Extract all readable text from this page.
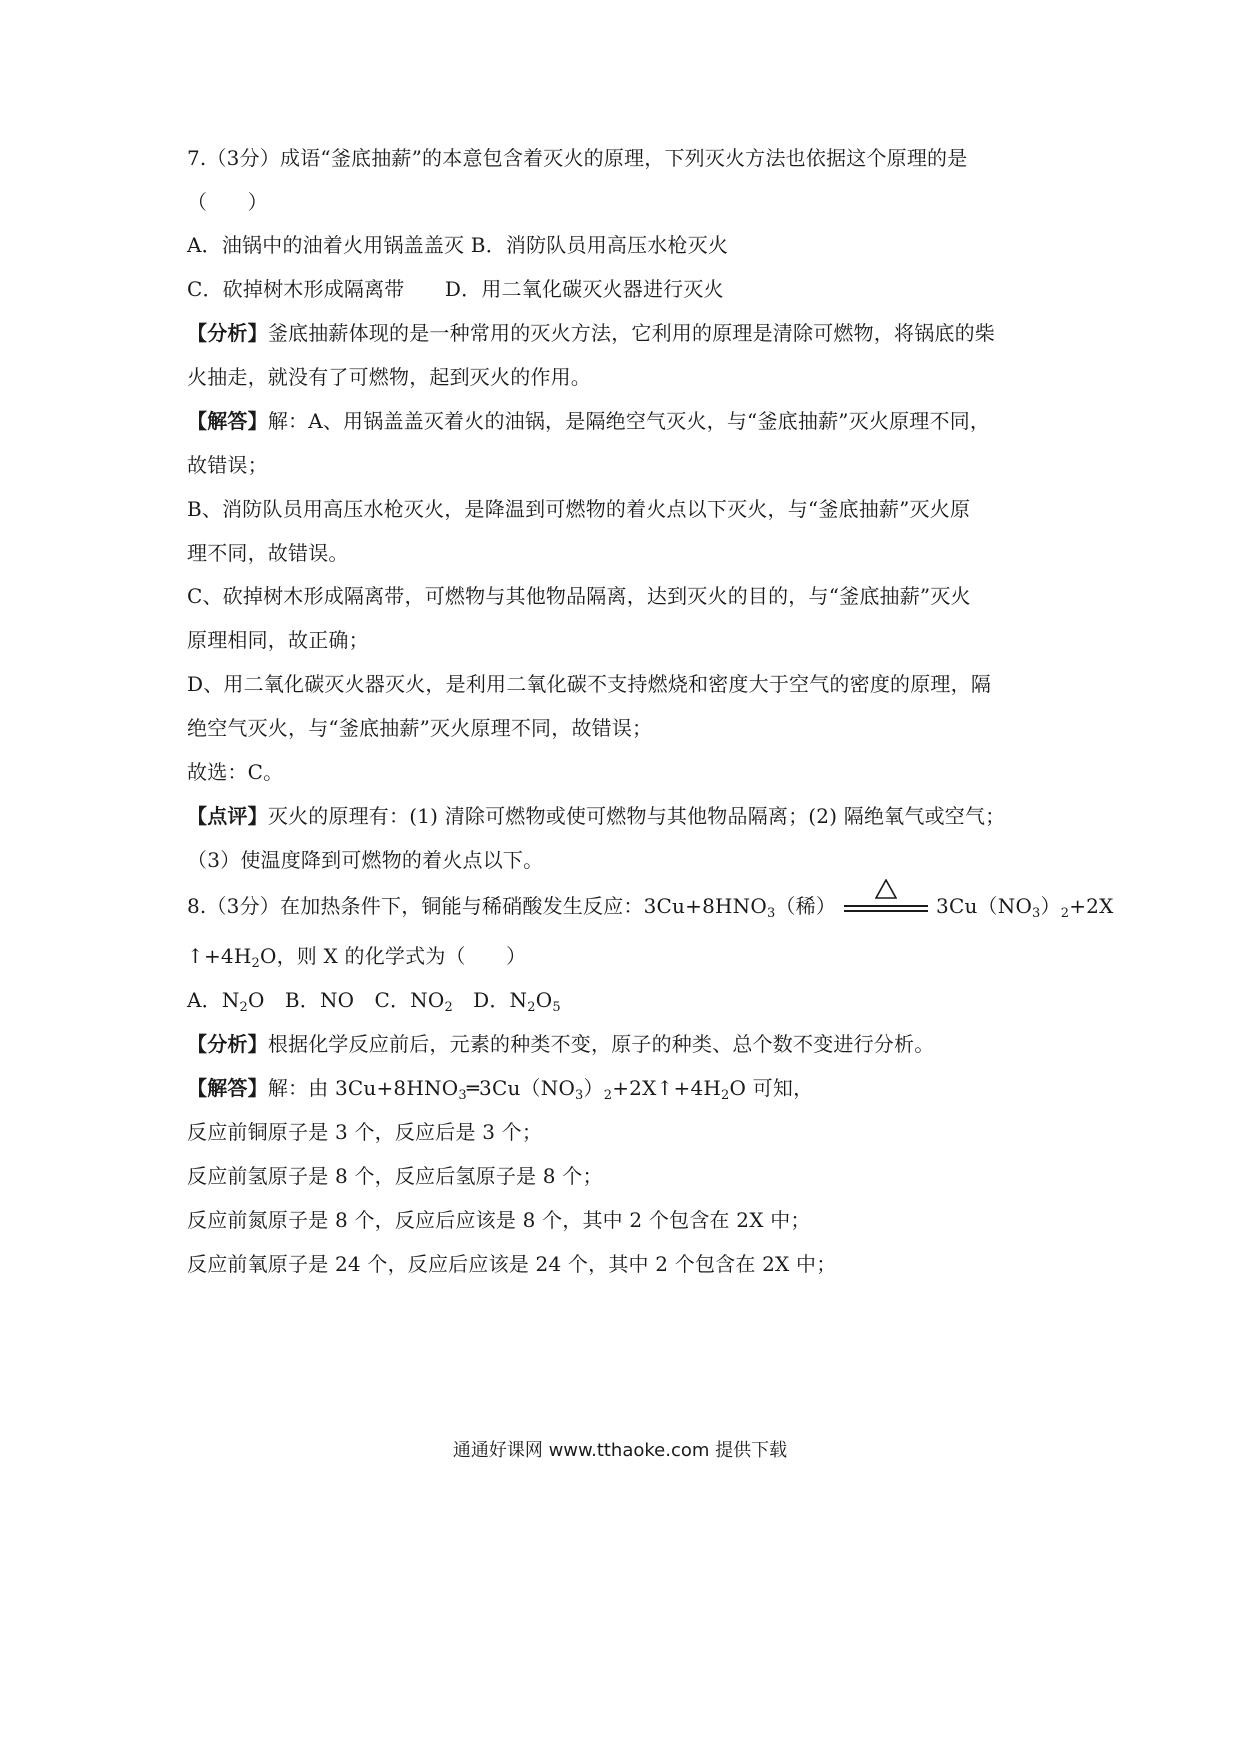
7.（3分）成语“釜底抽薪”的本意包含着灭火的原理，下列灭火方法也依据这个原理的是
（　　）
A．油锅中的油着火用锅盖盖灭 B．消防队员用高压水枪灭火
C．砍掉树木形成隔离带　　D．用二氧化碳灭火器进行灭火
【分析】釜底抽薪体现的是一种常用的灭火方法，它利用的原理是清除可燃物，将锅底的柴
火抽走，就没有了可燃物，起到灭火的作用。
【解答】解：A、用锅盖盖灭着火的油锅，是隔绝空气灭火，与“釜底抽薪”灭火原理不同，
故错误；
B、消防队员用高压水枪灭火，是降温到可燃物的着火点以下灭火，与“釜底抽薪”灭火原
理不同，故错误。
C、砍掉树木形成隔离带，可燃物与其他物品隔离，达到灭火的目的，与“釜底抽薪”灭火
原理相同，故正确；
D、用二氧化碳灭火器灭火，是利用二氧化碳不支持燃烧和密度大于空气的密度的原理，隔
绝空气灭火，与“釜底抽薪”灭火原理不同，故错误；
故选：C。
【点评】灭火的原理有：(1) 清除可燃物或使可燃物与其他物品隔离；(2) 隔绝氧气或空气；
（3）使温度降到可燃物的着火点以下。
8.（3分）在加热条件下，铜能与稀硝酸发生反应：$3Cu+8HNO_3$（稀）	$3Cu(NO_3)_2+2X$
$↑+4H_2O$，则 X 的化学式为（　　）
A．$N_2O$　B．NO　C．$NO_2$　D．$N_2O_5$
【分析】根据化学反应前后，元素的种类不变，原子的种类、总个数不变进行分析。
【解答】解：由 $3Cu+8HNO_3═3Cu(NO_3)_2+2X↑+4H_2O$ 可知，
反应前铜原子是 3 个，反应后是 3 个；
反应前氢原子是 8 个，反应后氢原子是 8 个；
反应前氮原子是 8 个，反应后应该是 8 个，其中 2 个包含在 2X 中；
反应前氧原子是 24 个，反应后应该是 24 个，其中 2 个包含在 2X 中；
通通好课网 www.tthaoke.com 提供下载
